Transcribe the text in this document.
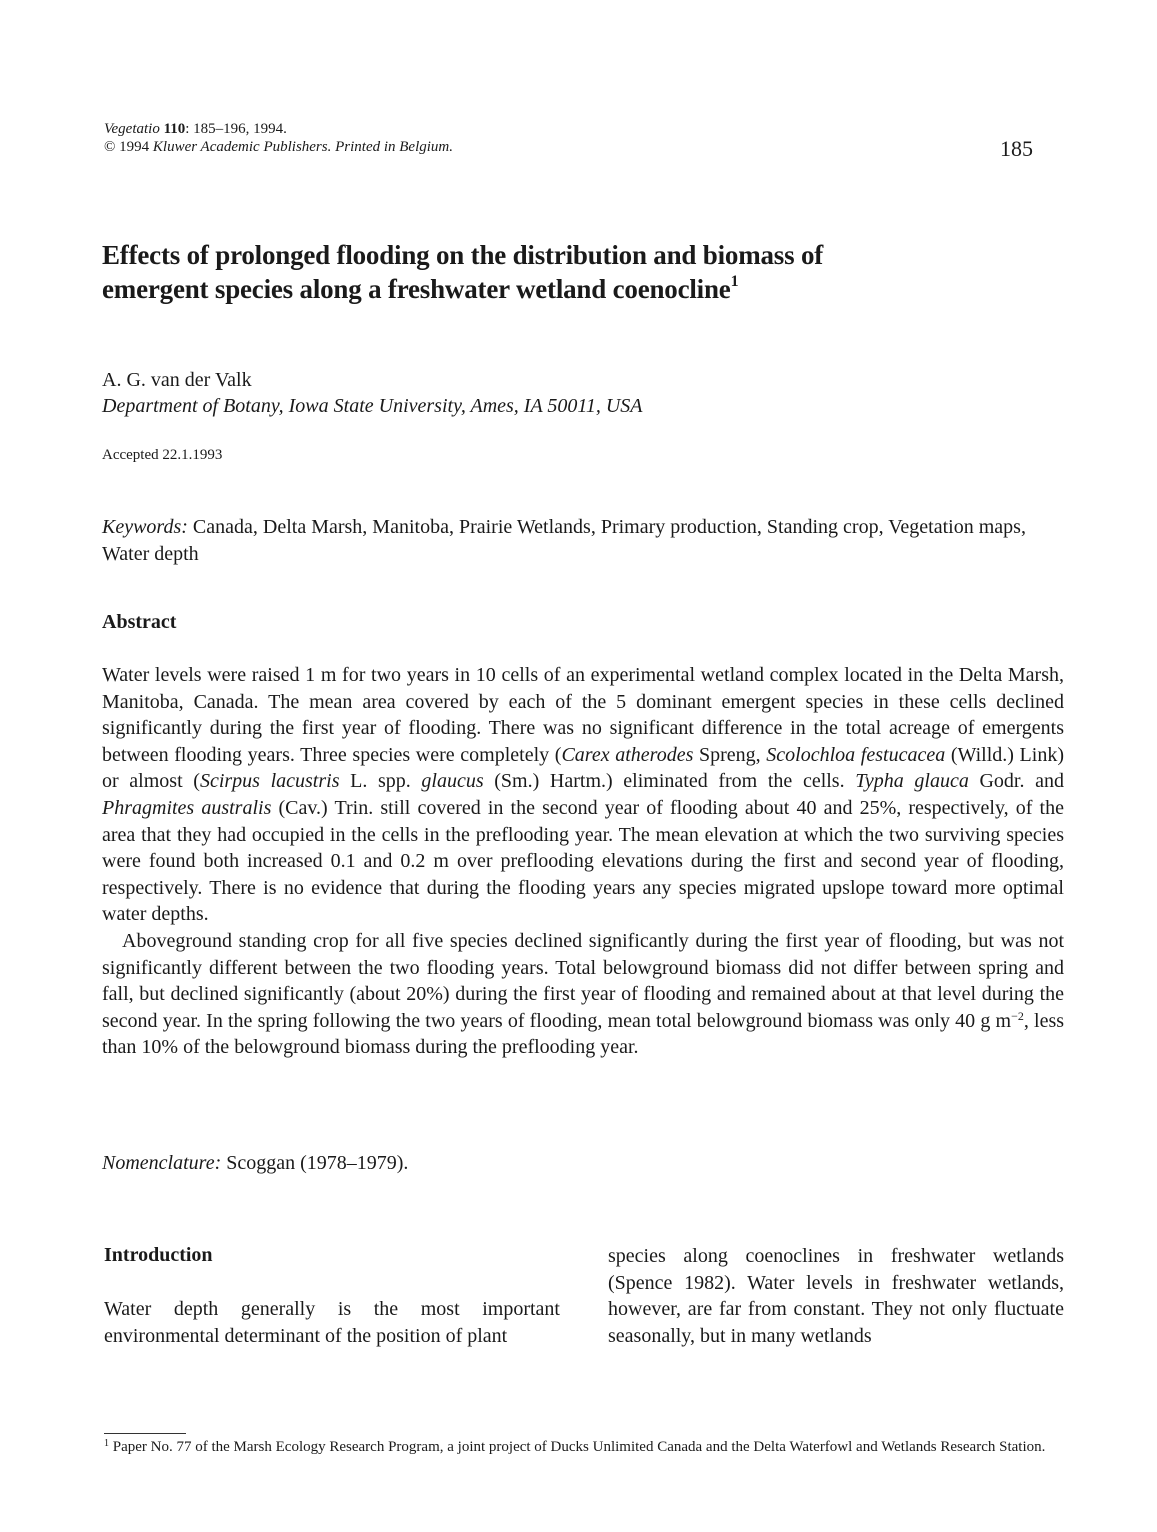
Vegetatio 110: 185–196, 1994.
© 1994 Kluwer Academic Publishers. Printed in Belgium.	185
Effects of prolonged flooding on the distribution and biomass of
emergent species along a freshwater wetland coenocline$^1$
A. G. van der Valk
Department of Botany, Iowa State University, Ames, IA 50011, USA
Accepted 22.1.1993
Keywords: Canada, Delta Marsh, Manitoba, Prairie Wetlands, Primary production, Standing crop, Vegetation maps, Water depth
Abstract

Water levels were raised 1 m for two years in 10 cells of an experimental wetland complex located in the Delta Marsh, Manitoba, Canada. The mean area covered by each of the 5 dominant emergent species in these cells declined significantly during the first year of flooding. There was no significant difference in the total acreage of emergents between flooding years. Three species were completely (Carex atherodes Spreng, Scolochloa festucacea (Willd.) Link) or almost (Scirpus lacustris L. spp. glaucus (Sm.) Hartm.) eliminated from the cells. Typha glauca Godr. and Phragmites australis (Cav.) Trin. still covered in the second year of flooding about 40 and 25%, respectively, of the area that they had occupied in the cells in the preflooding year. The mean elevation at which the two surviving species were found both increased 0.1 and 0.2 m over preflooding elevations during the first and second year of flooding, respectively. There is no evidence that during the flooding years any species migrated upslope toward more optimal water depths.

Aboveground standing crop for all five species declined significantly during the first year of flooding, but was not significantly different between the two flooding years. Total belowground biomass did not differ between spring and fall, but declined significantly (about 20%) during the first year of flooding and remained about at that level during the second year. In the spring following the two years of flooding, mean total belowground biomass was only 40 g $m^{-2}$, less than 10% of the belowground biomass during the preflooding year.

Nomenclature: Scoggan (1978–1979).
Introduction

Water depth generally is the most important environmental determinant of the position of plant

species along coenoclines in freshwater wetlands (Spence 1982). Water levels in freshwater wetlands, however, are far from constant. They not only fluctuate seasonally, but in many wetlands

$^1$ Paper No. 77 of the Marsh Ecology Research Program, a joint project of Ducks Unlimited Canada and the Delta Waterfowl and Wetlands Research Station.
